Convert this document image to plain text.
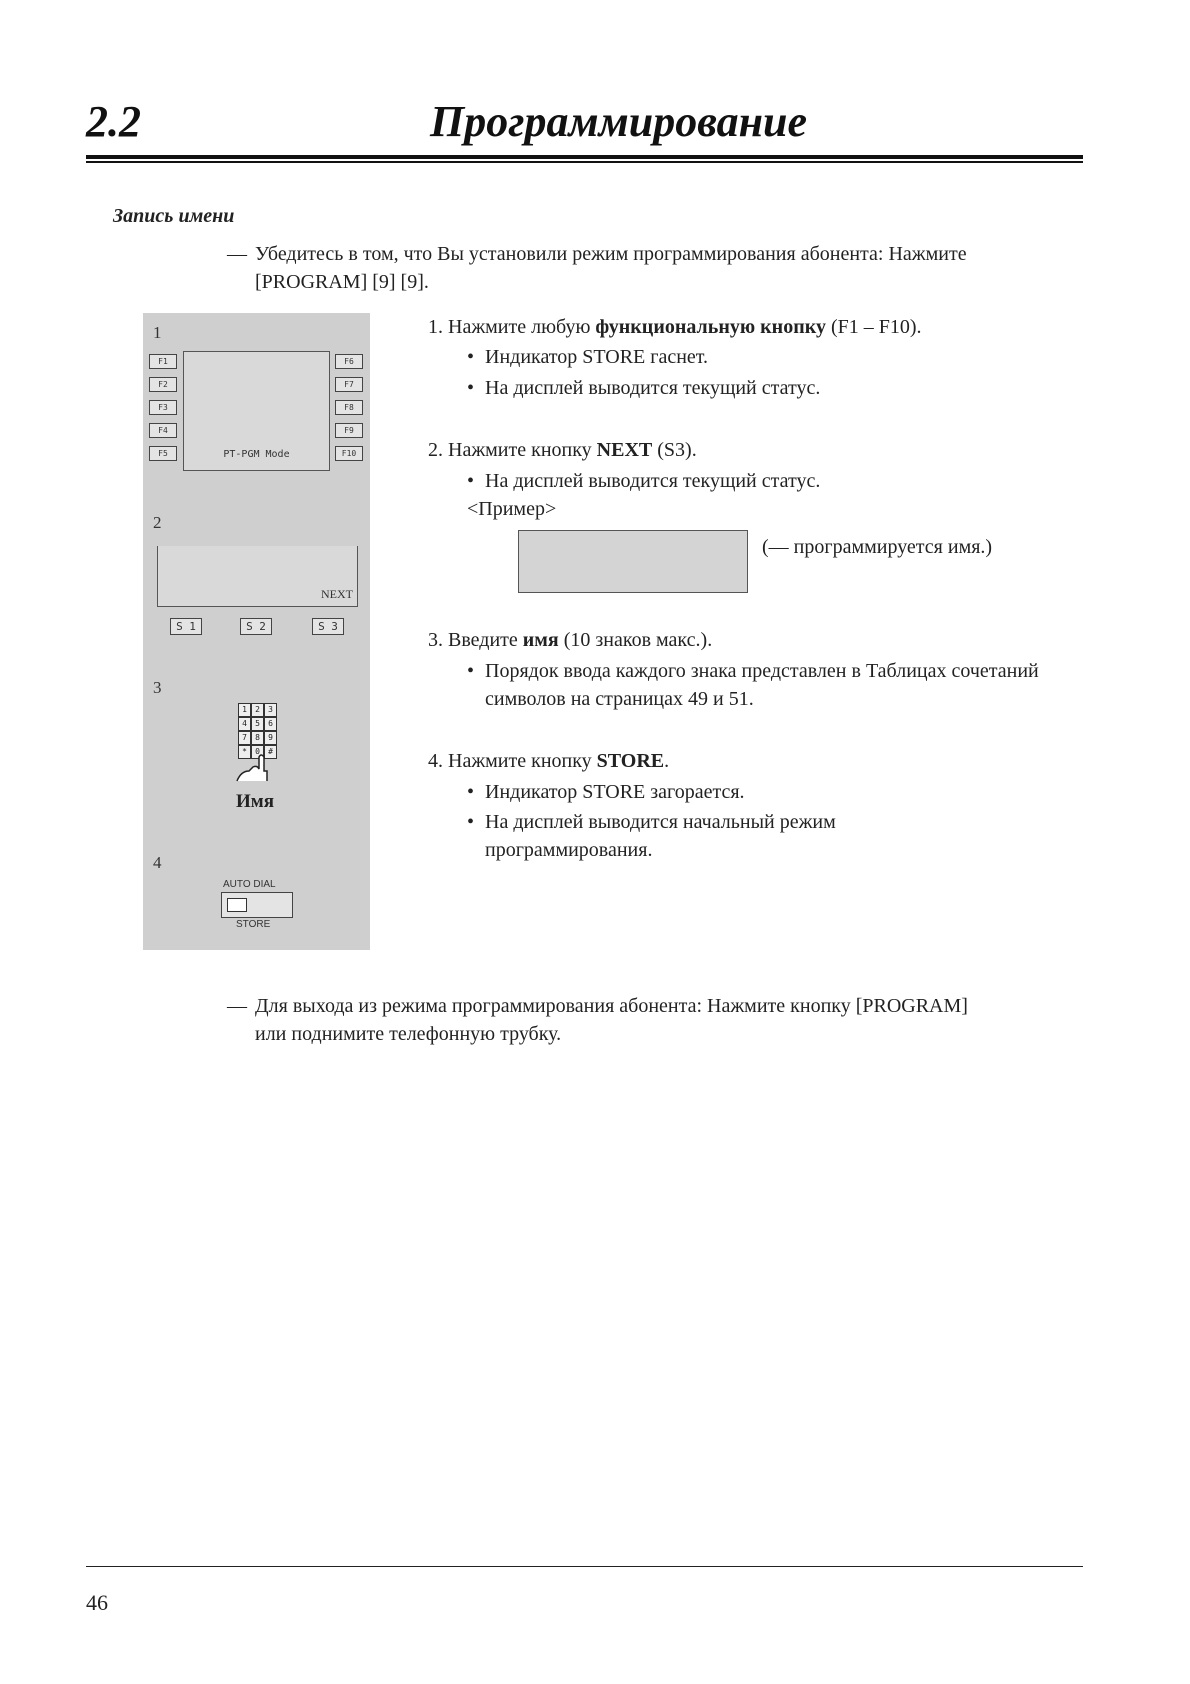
2.2	Программирование
Запись имени
— Убедитесь в том, что Вы установили режим программирования абонента: Нажмите [PROGRAM] [9] [9].
1
F1
F2
F3
F4
F5	PT-PGM Mode
F6
F7
F8
F9
F10
2
NEXT
S 1	S 2	S 3
3
1	2	3
4	5	6
7	8	9
*	0	#
Имя
4
AUTO DIAL
STORE
1. Нажмите любую функциональную кнопку (F1 – F10).
• Индикатор STORE гаснет.
• На дисплей выводится текущий статус.
2. Нажмите кнопку NEXT (S3).
• На дисплей выводится текущий статус.
<Пример>
(— программируется имя.)
3. Введите имя (10 знаков макс.).
• Порядок ввода каждого знака представлен в Таблицах сочетаний символов на страницах 49 и 51.
4. Нажмите кнопку STORE.
• Индикатор STORE загорается.
• На дисплей выводится начальный режим программирования.
— Для выхода из режима программирования абонента: Нажмите кнопку [PROGRAM] или поднимите телефонную трубку.
46
